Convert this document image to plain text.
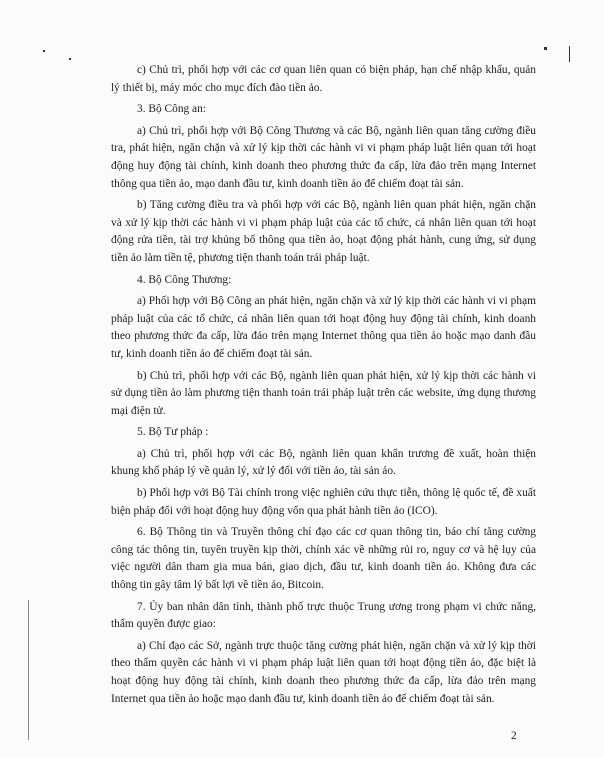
c) Chủ trì, phối hợp với các cơ quan liên quan có biện pháp, hạn chế nhập khẩu, quản lý thiết bị, máy móc cho mục đích đào tiền ảo.

3. Bộ Công an:

a) Chủ trì, phối hợp với Bộ Công Thương và các Bộ, ngành liên quan tăng cường điều tra, phát hiện, ngăn chặn và xử lý kịp thời các hành vi vi phạm pháp luật liên quan tới hoạt động huy động tài chính, kinh doanh theo phương thức đa cấp, lừa đảo trên mạng Internet thông qua tiền ảo, mạo danh đầu tư, kinh doanh tiền ảo để chiếm đoạt tài sản.

b) Tăng cường điều tra và phối hợp với các Bộ, ngành liên quan phát hiện, ngăn chặn và xử lý kịp thời các hành vi vi phạm pháp luật của các tổ chức, cá nhân liên quan tới hoạt động rửa tiền, tài trợ khủng bố thông qua tiền ảo, hoạt động phát hành, cung ứng, sử dụng tiền ảo làm tiền tệ, phương tiện thanh toán trái pháp luật.

4. Bộ Công Thương:

a) Phối hợp với Bộ Công an phát hiện, ngăn chặn và xử lý kịp thời các hành vi vi phạm pháp luật của các tổ chức, cá nhân liên quan tới hoạt động huy động tài chính, kinh doanh theo phương thức đa cấp, lừa đảo trên mạng Internet thông qua tiền ảo hoặc mạo danh đầu tư, kinh doanh tiền ảo để chiếm đoạt tài sản.

b) Chủ trì, phối hợp với các Bộ, ngành liên quan phát hiện, xử lý kịp thời các hành vi sử dụng tiền ảo làm phương tiện thanh toán trái pháp luật trên các website, ứng dụng thương mại điện tử.

5. Bộ Tư pháp :

a) Chủ trì, phối hợp với các Bộ, ngành liên quan khẩn trương đề xuất, hoàn thiện khung khổ pháp lý về quản lý, xử lý đối với tiền ảo, tài sản ảo.

b) Phối hợp với Bộ Tài chính trong việc nghiên cứu thực tiễn, thông lệ quốc tế, đề xuất biện pháp đối với hoạt động huy động vốn qua phát hành tiền ảo (ICO).

6. Bộ Thông tin và Truyền thông chỉ đạo các cơ quan thông tin, báo chí tăng cường công tác thông tin, tuyên truyền kịp thời, chính xác về những rủi ro, nguy cơ và hệ lụy của việc người dân tham gia mua bán, giao dịch, đầu tư, kinh doanh tiền ảo. Không đưa các thông tin gây tâm lý bất lợi về tiền ảo, Bitcoin.

7. Ủy ban nhân dân tỉnh, thành phố trực thuộc Trung ương trong phạm vi chức năng, thẩm quyền được giao:

a) Chỉ đạo các Sở, ngành trực thuộc tăng cường phát hiện, ngăn chặn và xử lý kịp thời theo thẩm quyền các hành vi vi phạm pháp luật liên quan tới hoạt động tiền ảo, đặc biệt là hoạt động huy động tài chính, kinh doanh theo phương thức đa cấp, lừa đảo trên mạng Internet qua tiền ảo hoặc mạo danh đầu tư, kinh doanh tiền ảo để chiếm đoạt tài sản.

2
